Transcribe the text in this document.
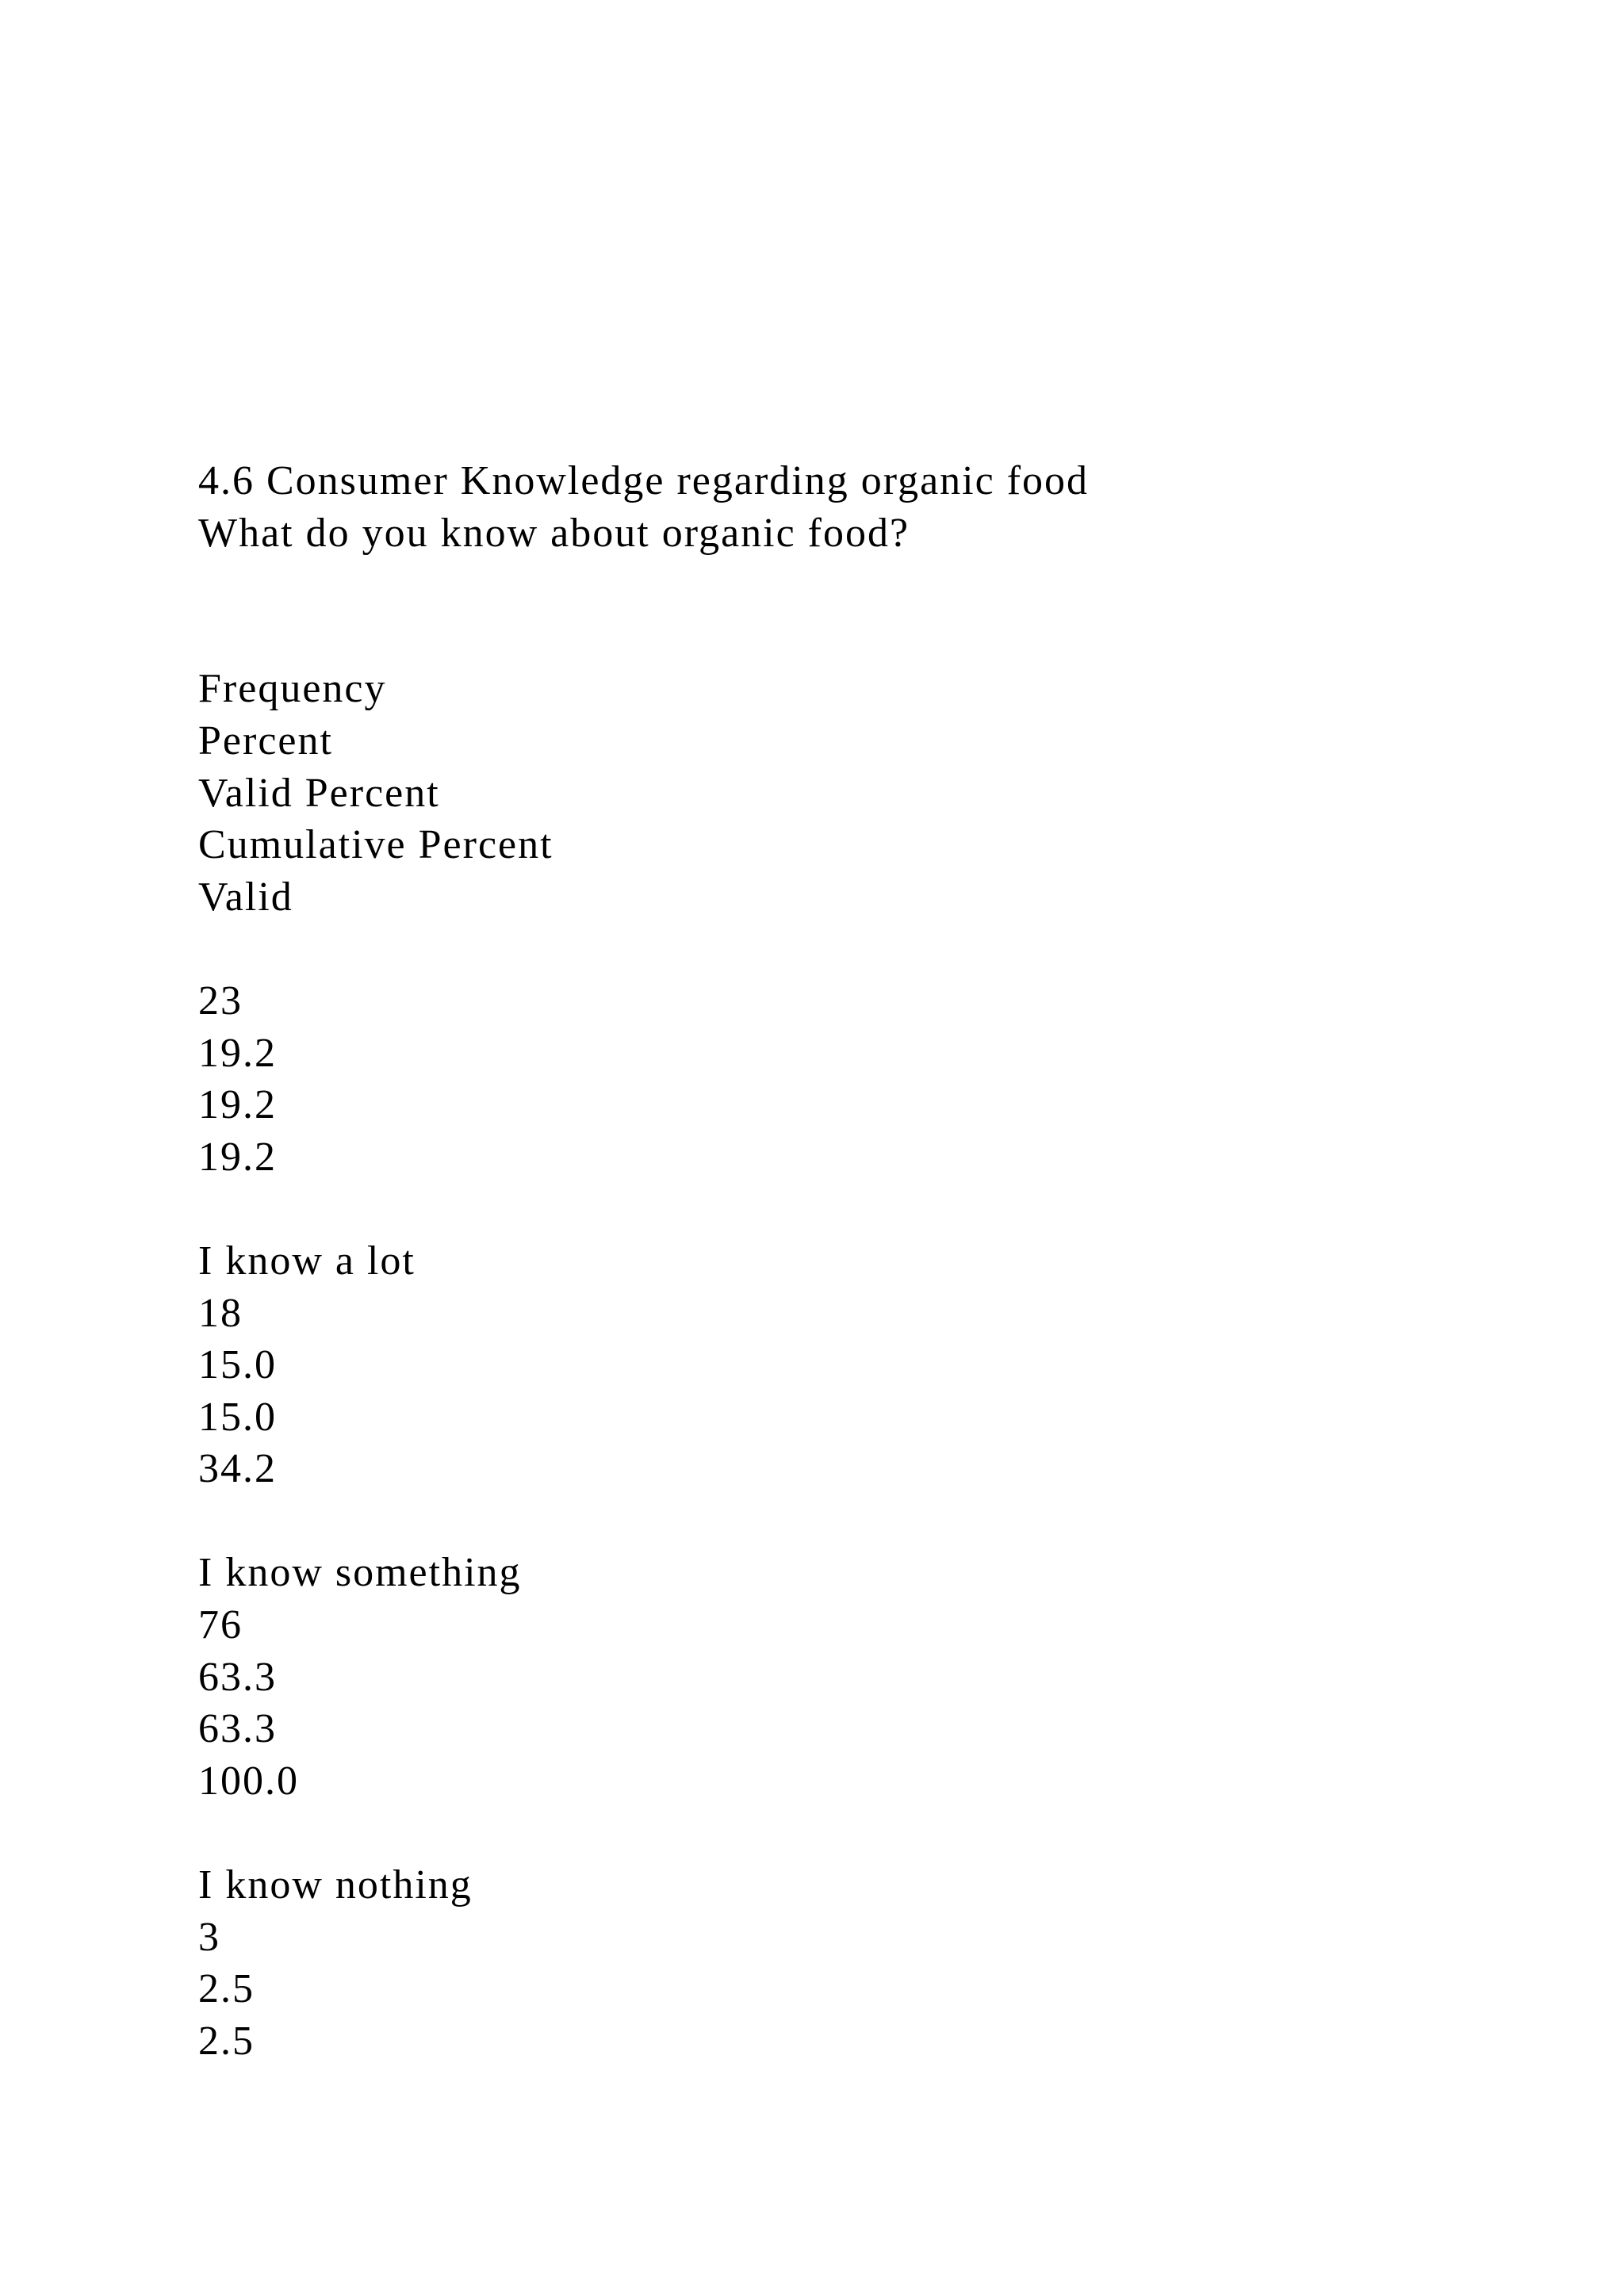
4.6 Consumer Knowledge regarding organic food
What do you know about organic food?
Frequency
Percent
Valid Percent
Cumulative Percent
Valid
23
19.2
19.2
19.2
I know a lot
18
15.0
15.0
34.2
I know something
76
63.3
63.3
100.0
I know nothing
3
2.5
2.5
